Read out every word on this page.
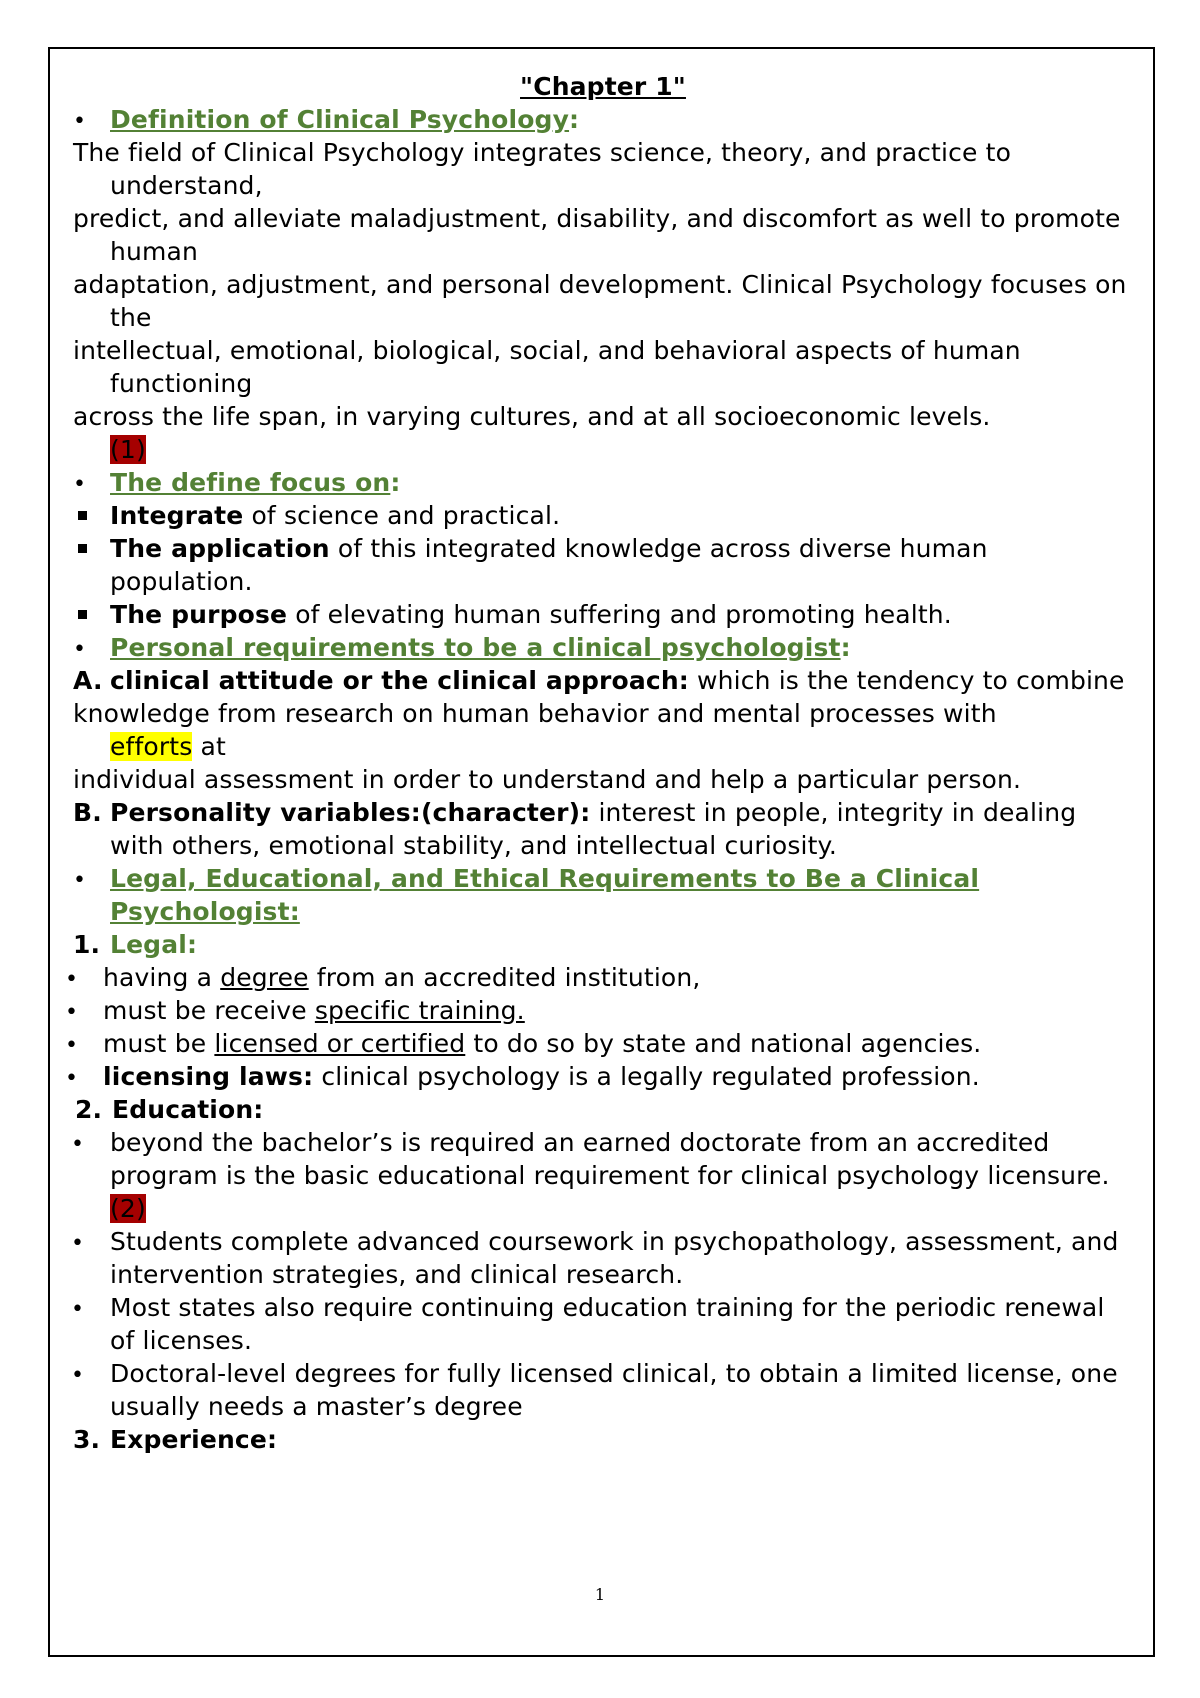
"Chapter 1"

• Definition of Clinical Psychology:

The field of Clinical Psychology integrates science, theory, and practice to understand,

predict, and alleviate maladjustment, disability, and discomfort as well to promote human

adaptation, adjustment, and personal development. Clinical Psychology focuses on the

intellectual, emotional, biological, social, and behavioral aspects of human functioning

across the life span, in varying cultures, and at all socioeconomic levels.
(1)

• The define focus on:
Integrate of science and practical.
The application of this integrated knowledge across diverse human population.
The purpose of elevating human suffering and promoting health.
• Personal requirements to be a clinical psychologist:
A. clinical attitude or the clinical approach: which is the tendency to combine

knowledge from research on human behavior and mental processes with
efforts at

individual assessment in order to understand and help a particular person.

B. Personality variables:(character): interest in people, integrity in dealing with others, emotional stability, and intellectual curiosity.
• Legal, Educational, and Ethical Requirements to Be a Clinical Psychologist:
1. Legal:
• having a degree from an accredited institution,
• must be receive specific training.
• must be licensed or certified to do so by state and national agencies.
• licensing laws: clinical psychology is a legally regulated profession.
2. Education:
•	beyond the bachelor’s is required an earned doctorate from an accredited program is the basic educational requirement for clinical psychology licensure. (2)
•	Students complete advanced coursework in psychopathology, assessment, and intervention strategies, and clinical research.
•	Most states also require continuing education training for the periodic renewal of licenses.
•	Doctoral-level degrees for fully licensed clinical, to obtain a limited license, one usually needs a master’s degree
3. Experience:
1
